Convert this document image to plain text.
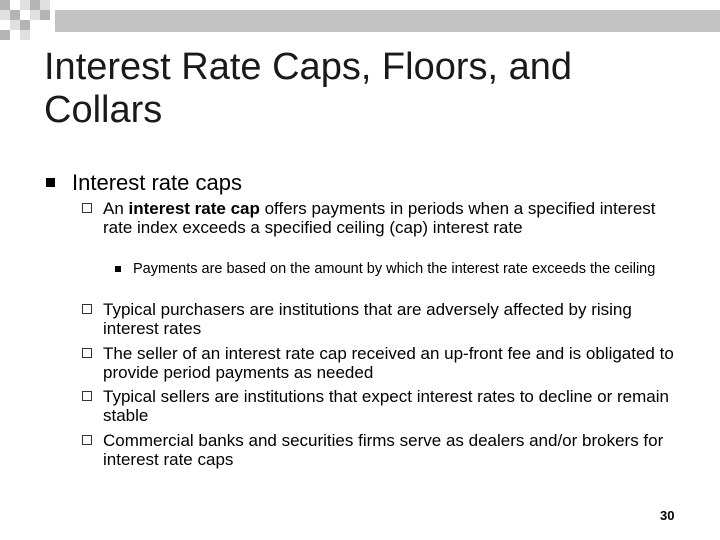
Interest Rate Caps, Floors, and Collars
Interest rate caps
An interest rate cap offers payments in periods when a specified interest rate index exceeds a specified ceiling (cap) interest rate
Payments are based on the amount by which the interest rate exceeds the ceiling
Typical purchasers are institutions that are adversely affected by rising interest rates
The seller of an interest rate cap received an up-front fee and is obligated to provide period payments as needed
Typical sellers are institutions that expect interest rates to decline or remain stable
Commercial banks and securities firms serve as dealers and/or brokers for interest rate caps
30
